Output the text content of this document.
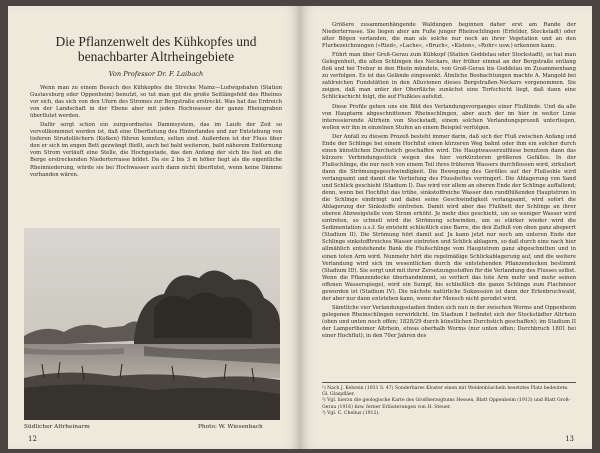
Die Pflanzenwelt des Kühkopfes und benachbarter Altrheingebiete
Von Professor Dr. F. Laibach

Wenn man zu einem Besuch des Kühkopfes die Strecke Mainz—Ludwigshafen (Station Gustavsburg oder Oppenheim) benutzt, so tut man gut die große Seitlängsfeld des Rheines vor sich, das sich von den Ufern des Stromes zur Bergstraße erstreckt. Was hat das Erdreich von der Landschaft in der Ebene aber mit jeden Hochwasser der ganze Rheingraben überflutet werden.

Dafür sorgt schon ein zurgeordnetes Dammsystem, das im Laufe der Zeit so vervollkommnet worden ist, daß eine Überflutung des Hinterlandes und zur Entstehung von tieferen Strudellöchern (Kolken) führen konnten, selten sind. Außerdem ist der Fluss über den er sich im engen Bett gezwängt fließt, auch bei bald weiterem, bald näherem Entfernung vom Strom verläuft eine Stelle, die Hochgestade, das den Anfang der sich bis fast an die Berge erstreckenden Niederterrasse bildet. Da sie 2 bis 3 m höher liegt als die eigentliche Rheinniederung, würde sie bei Hochwasser auch dann nicht überflutet, wenn keine Dämme vorhanden wären.

Südlicher Altrheinarm	Photo: W. Wiesenbach
12

Größere zusammenhängende Waldungen beginnen daher erst am Rande der Niederterrasse. Sie liegen aber am Fuße junger Rheinschlingen (Erfelder, Stockstadt) oder alter Bögen verlanden, die man als solche nur noch an ihrer Vegetation und an den Flurbezeichnungen (»Ried«, »Lache«, »Bruch«, »Kisten«, »Rohr« usw.) erkennen kann.

Führt man über Groß-Gerau zum Kühkopf (Station Goddelau oder Stockstadt), so hat man Gelegenheit, die alten Schlingen des Neckars, der früher einmal an der Bergstraße entlang floß und bei Trebur in den Rhein mündete, von Groß-Gerau bis Goddelau im Zusammenhang zu verfolgen. Es ist das Gelände eingesenkt. Ähnliche Beobachtungen machte A. Mangold bei zahlreichen Fundstätten in den Alluvionen dieses Bergstraßen-Neckars vorgenommen. Sie zeigen, daß man unter der Oberfläche zunächst eine Torfschicht liegt, daß dann eine Schlickschicht folgt, die auf Flußkies aufsitzt.

Diese Profile gehen uns ein Bild des Verlandungsvorganges einer Flußlinde. Und da alle von Hauptarm abgeschnittenen Rheinschlingen, aber auch der im hier in weiter Linie interessierende Altrhein von Stockstadt, einem solchen Verlandungsprozeß unterliegen, wollen wir ihn in einzelnen Stufen an einem Beispiel verfolgen.

Der Anfall zu diesem Prozeß besteht immer darin, daß sich der Fluß zwischen Anfang und Ende der Schlinge bei einem Hochflut einen kürzeren Weg bahnt oder ihm ein solcher durch einen künstlichen Durchstich geschaffen wird. Die Hauptwasserzuflüsse benutzen dann das kürzere Verbindungsstück wegen des hier verkürzteren größeren Gefälles. In der Flußschlinge, die nur noch von einem Teil ihres früheren Wassers durchflossen wird, zirkuliert dann die Strömungsgeschwindigkeit. Die Bewegung des Gerölles auf der Flußsohle wird verlangsamt und damit die Vertiefung des Flussbettes verringert. Die Ablagerung von Sand und Schlick geschieht (Stadium I). Das wird vor allem an oberen Ende der Schlinge auffallend; denn, wenn bei Hochflut das trübe, sinkstoffreiche Wasser den rundflüßenden Hauptstrom in die Schlinge eindringt und dabei seine Geschwindigkeit verlangsamt, wird sofort die Ablagerung der Sinkstoffe eintreten. Damit wird aber das Flußbett der Schlinge an ihrer oberen Abzweigstelle vom Strom erhöht. Je mehr dies geschieht, um so weniger Wasser wird eintreten, so schnell wird die Strömung schwinden, um so stärker wieder wird die Sedimentation u.s.f. So entsteht schließlich eine Barre, die den Zufluß von oben ganz absperrt (Stadium II). Die Strömung hört damit auf. Ja kann jetzt nur noch am unteren Ende der Schlinge sinkstofftreiches Wasser eintreten und Schlick ablagern, so daß durch eine nach hier allmählich entstehende Bank die Flußschlinge vom Hauptstrom ganz abgeschnitten und in einen toten Arm wird. Nunmehr hört die regelmäßige Schlickablagerung auf, und die weitere Verlandung wird sich im wesentlichen durch die entstehenden Pflanzendecken bestimmt (Stadium III). Sie sorgt und mit ihrer Zersetzungsstoffen für die Verlandung des Flusses selbst. Wenn die Pflanzendecke überhandnimmt, so verliert das tote Arm mehr und mehr seinen offenen Wasserspiegel, wird ein Sumpf, bis schließlich die ganze Schlinge zum Flachmoor geworden ist (Stadium IV). Die nächste natürliche Sukzession ist dann der Erlenbruchwald, der aber nur dann entstehen kann, wenn der Mensch nicht gerodet wird.

Sämtliche vier Verlandungsstadien finden sich nun in der zwischen Worms und Oppenheim gelegenen Rheinschlingen verwirklicht. Im Stadium I befindet sich der Stockstädter Altrhein (oben und unten noch offen; 1828/29 durch künstlichen Durchstich geschaffen); im Stadium II der Lampertheimer Altrhein, etwas oberhalb Worms (nur unten offen; Durchbruch 1801 bei einer Hochflut); in den 70er Jahren des

¹) Nach J. Kehrein (1931 S. 47) Sonderbares Kloster einen mit Weidenbüscheln besetztes Platz bedeutete. Gl. Glaspfläer.

²) Vgl. hierzu die geologische Karte des Großherzogtums Hessen, Blatt Oppenheim (1913) und Blatt Groß-Gerau (1916) bzw. ferner Erläuterungen von H. Steuer.

³) Vgl. C. Chelius (1912).

13
